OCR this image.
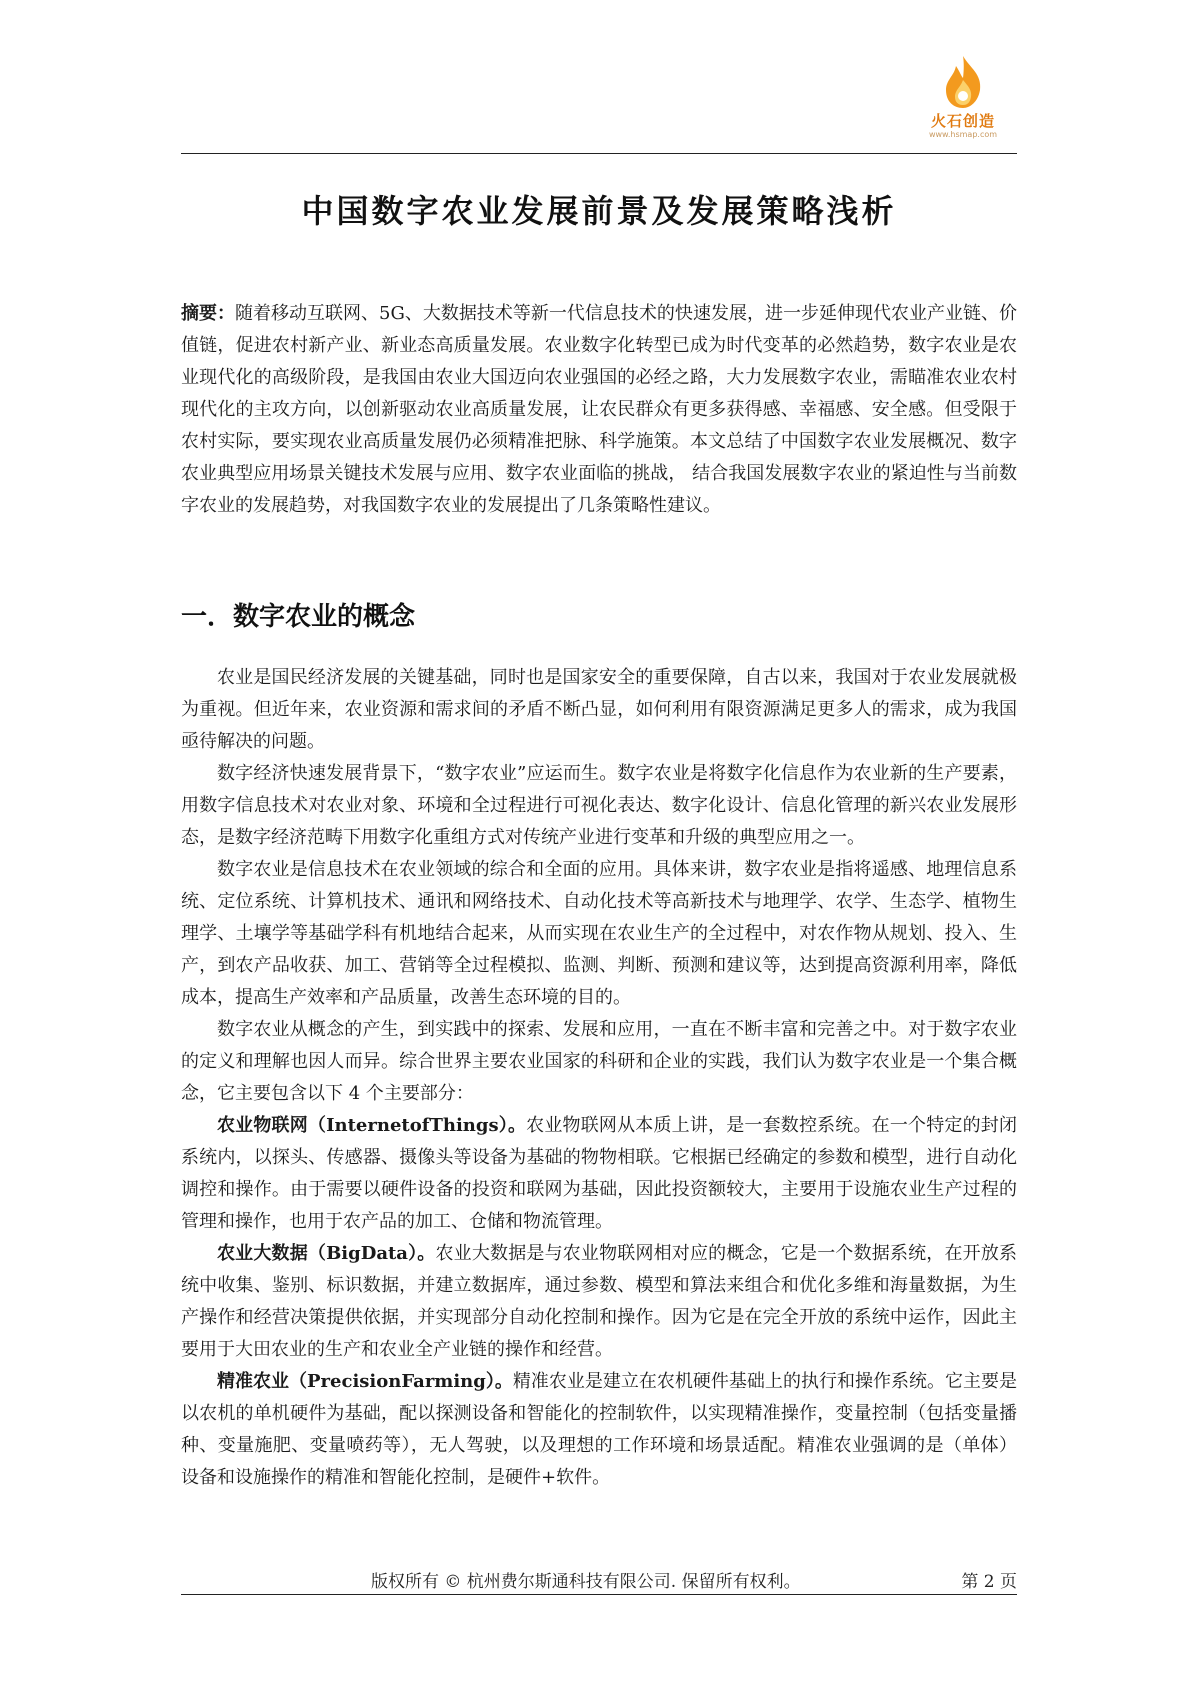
火石创造
www.hsmap.com
中国数字农业发展前景及发展策略浅析

摘要：随着移动互联网、5G、大数据技术等新一代信息技术的快速发展，进一步延伸现代农业产业链、价值链，促进农村新产业、新业态高质量发展。农业数字化转型已成为时代变革的必然趋势，数字农业是农业现代化的高级阶段，是我国由农业大国迈向农业强国的必经之路，大力发展数字农业，需瞄准农业农村现代化的主攻方向，以创新驱动农业高质量发展，让农民群众有更多获得感、幸福感、安全感。但受限于农村实际，要实现农业高质量发展仍必须精准把脉、科学施策。本文总结了中国数字农业发展概况、数字农业典型应用场景关键技术发展与应用、数字农业面临的挑战， 结合我国发展数字农业的紧迫性与当前数字农业的发展趋势，对我国数字农业的发展提出了几条策略性建议。

一．数字农业的概念

农业是国民经济发展的关键基础，同时也是国家安全的重要保障，自古以来，我国对于农业发展就极为重视。但近年来，农业资源和需求间的矛盾不断凸显，如何利用有限资源满足更多人的需求，成为我国亟待解决的问题。

数字经济快速发展背景下，“数字农业”应运而生。数字农业是将数字化信息作为农业新的生产要素，用数字信息技术对农业对象、环境和全过程进行可视化表达、数字化设计、信息化管理的新兴农业发展形态，是数字经济范畴下用数字化重组方式对传统产业进行变革和升级的典型应用之一。

数字农业是信息技术在农业领域的综合和全面的应用。具体来讲，数字农业是指将遥感、地理信息系统、定位系统、计算机技术、通讯和网络技术、自动化技术等高新技术与地理学、农学、生态学、植物生理学、土壤学等基础学科有机地结合起来，从而实现在农业生产的全过程中，对农作物从规划、投入、生产，到农产品收获、加工、营销等全过程模拟、监测、判断、预测和建议等，达到提高资源利用率，降低成本，提高生产效率和产品质量，改善生态环境的目的。

数字农业从概念的产生，到实践中的探索、发展和应用，一直在不断丰富和完善之中。对于数字农业的定义和理解也因人而异。综合世界主要农业国家的科研和企业的实践，我们认为数字农业是一个集合概念，它主要包含以下 4 个主要部分：

农业物联网（InternetofThings）。农业物联网从本质上讲，是一套数控系统。在一个特定的封闭系统内，以探头、传感器、摄像头等设备为基础的物物相联。它根据已经确定的参数和模型，进行自动化调控和操作。由于需要以硬件设备的投资和联网为基础，因此投资额较大，主要用于设施农业生产过程的管理和操作，也用于农产品的加工、仓储和物流管理。

农业大数据（BigData）。农业大数据是与农业物联网相对应的概念，它是一个数据系统，在开放系统中收集、鉴别、标识数据，并建立数据库，通过参数、模型和算法来组合和优化多维和海量数据，为生产操作和经营决策提供依据，并实现部分自动化控制和操作。因为它是在完全开放的系统中运作，因此主要用于大田农业的生产和农业全产业链的操作和经营。

精准农业（PrecisionFarming）。精准农业是建立在农机硬件基础上的执行和操作系统。它主要是以农机的单机硬件为基础，配以探测设备和智能化的控制软件，以实现精准操作，变量控制（包括变量播种、变量施肥、变量喷药等），无人驾驶，以及理想的工作环境和场景适配。精准农业强调的是（单体）设备和设施操作的精准和智能化控制，是硬件+软件。

版权所有 © 杭州费尔斯通科技有限公司. 保留所有权利。	第 2 页
